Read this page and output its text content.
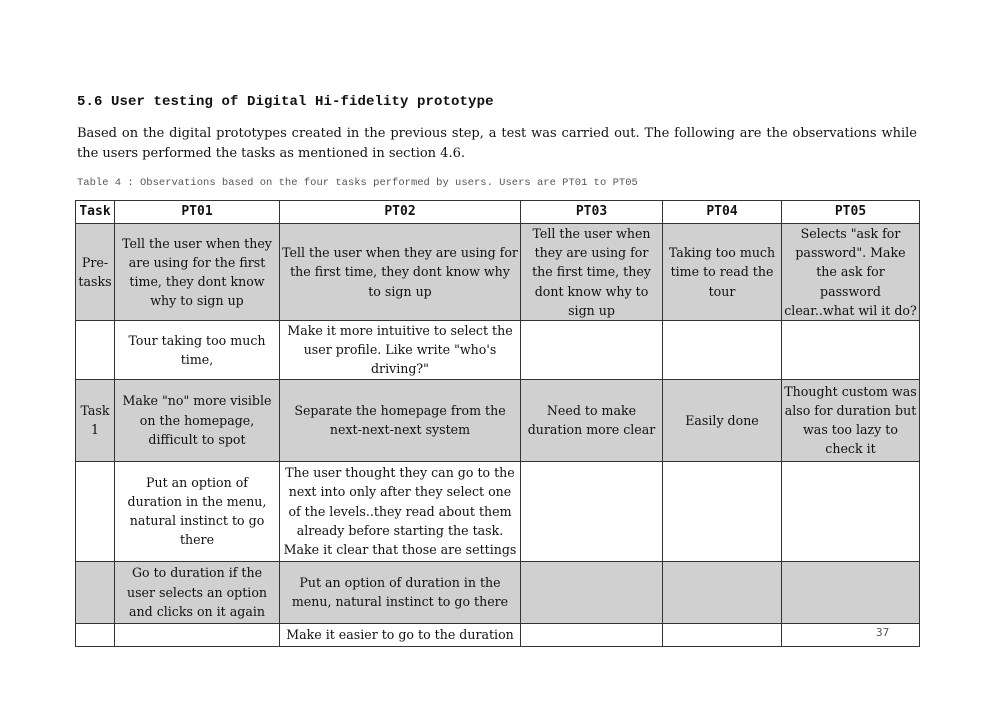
5.6 User testing of Digital Hi-fidelity prototype
Based on the digital prototypes created in the previous step, a test was carried out. The following are the observations while the users performed the tasks as mentioned in section 4.6.
Table 4 : Observations based on the four tasks performed by users. Users are PT01 to PT05
Task	PT01	PT02	PT03	PT04	PT05
Pre-tasks	Tell the user when they are using for the first time, they dont know why to sign up	Tell the user when they are using for the first time, they dont know why to sign up	Tell the user when they are using for the first time, they dont know why to sign up	Taking too much time to read the tour	Selects "ask for password". Make the ask for password clear..what wil it do?
	Tour taking too much time,	Make it more intuitive to select the user profile. Like write "who's driving?"			
Task 1	Make "no" more visible on the homepage, difficult to spot	Separate the homepage from the next-next-next system	Need to make duration more clear	Easily done	Thought custom was also for duration but was too lazy to check it
	Put an option of duration in the menu, natural instinct to go there	The user thought they can go to the next into only after they select one of the levels..they read about them already before starting the task. Make it clear that those are settings			
	Go to duration if the user selects an option and clicks on it again	Put an option of duration in the menu, natural instinct to go there			
		Make it easier to go to the duration				37
